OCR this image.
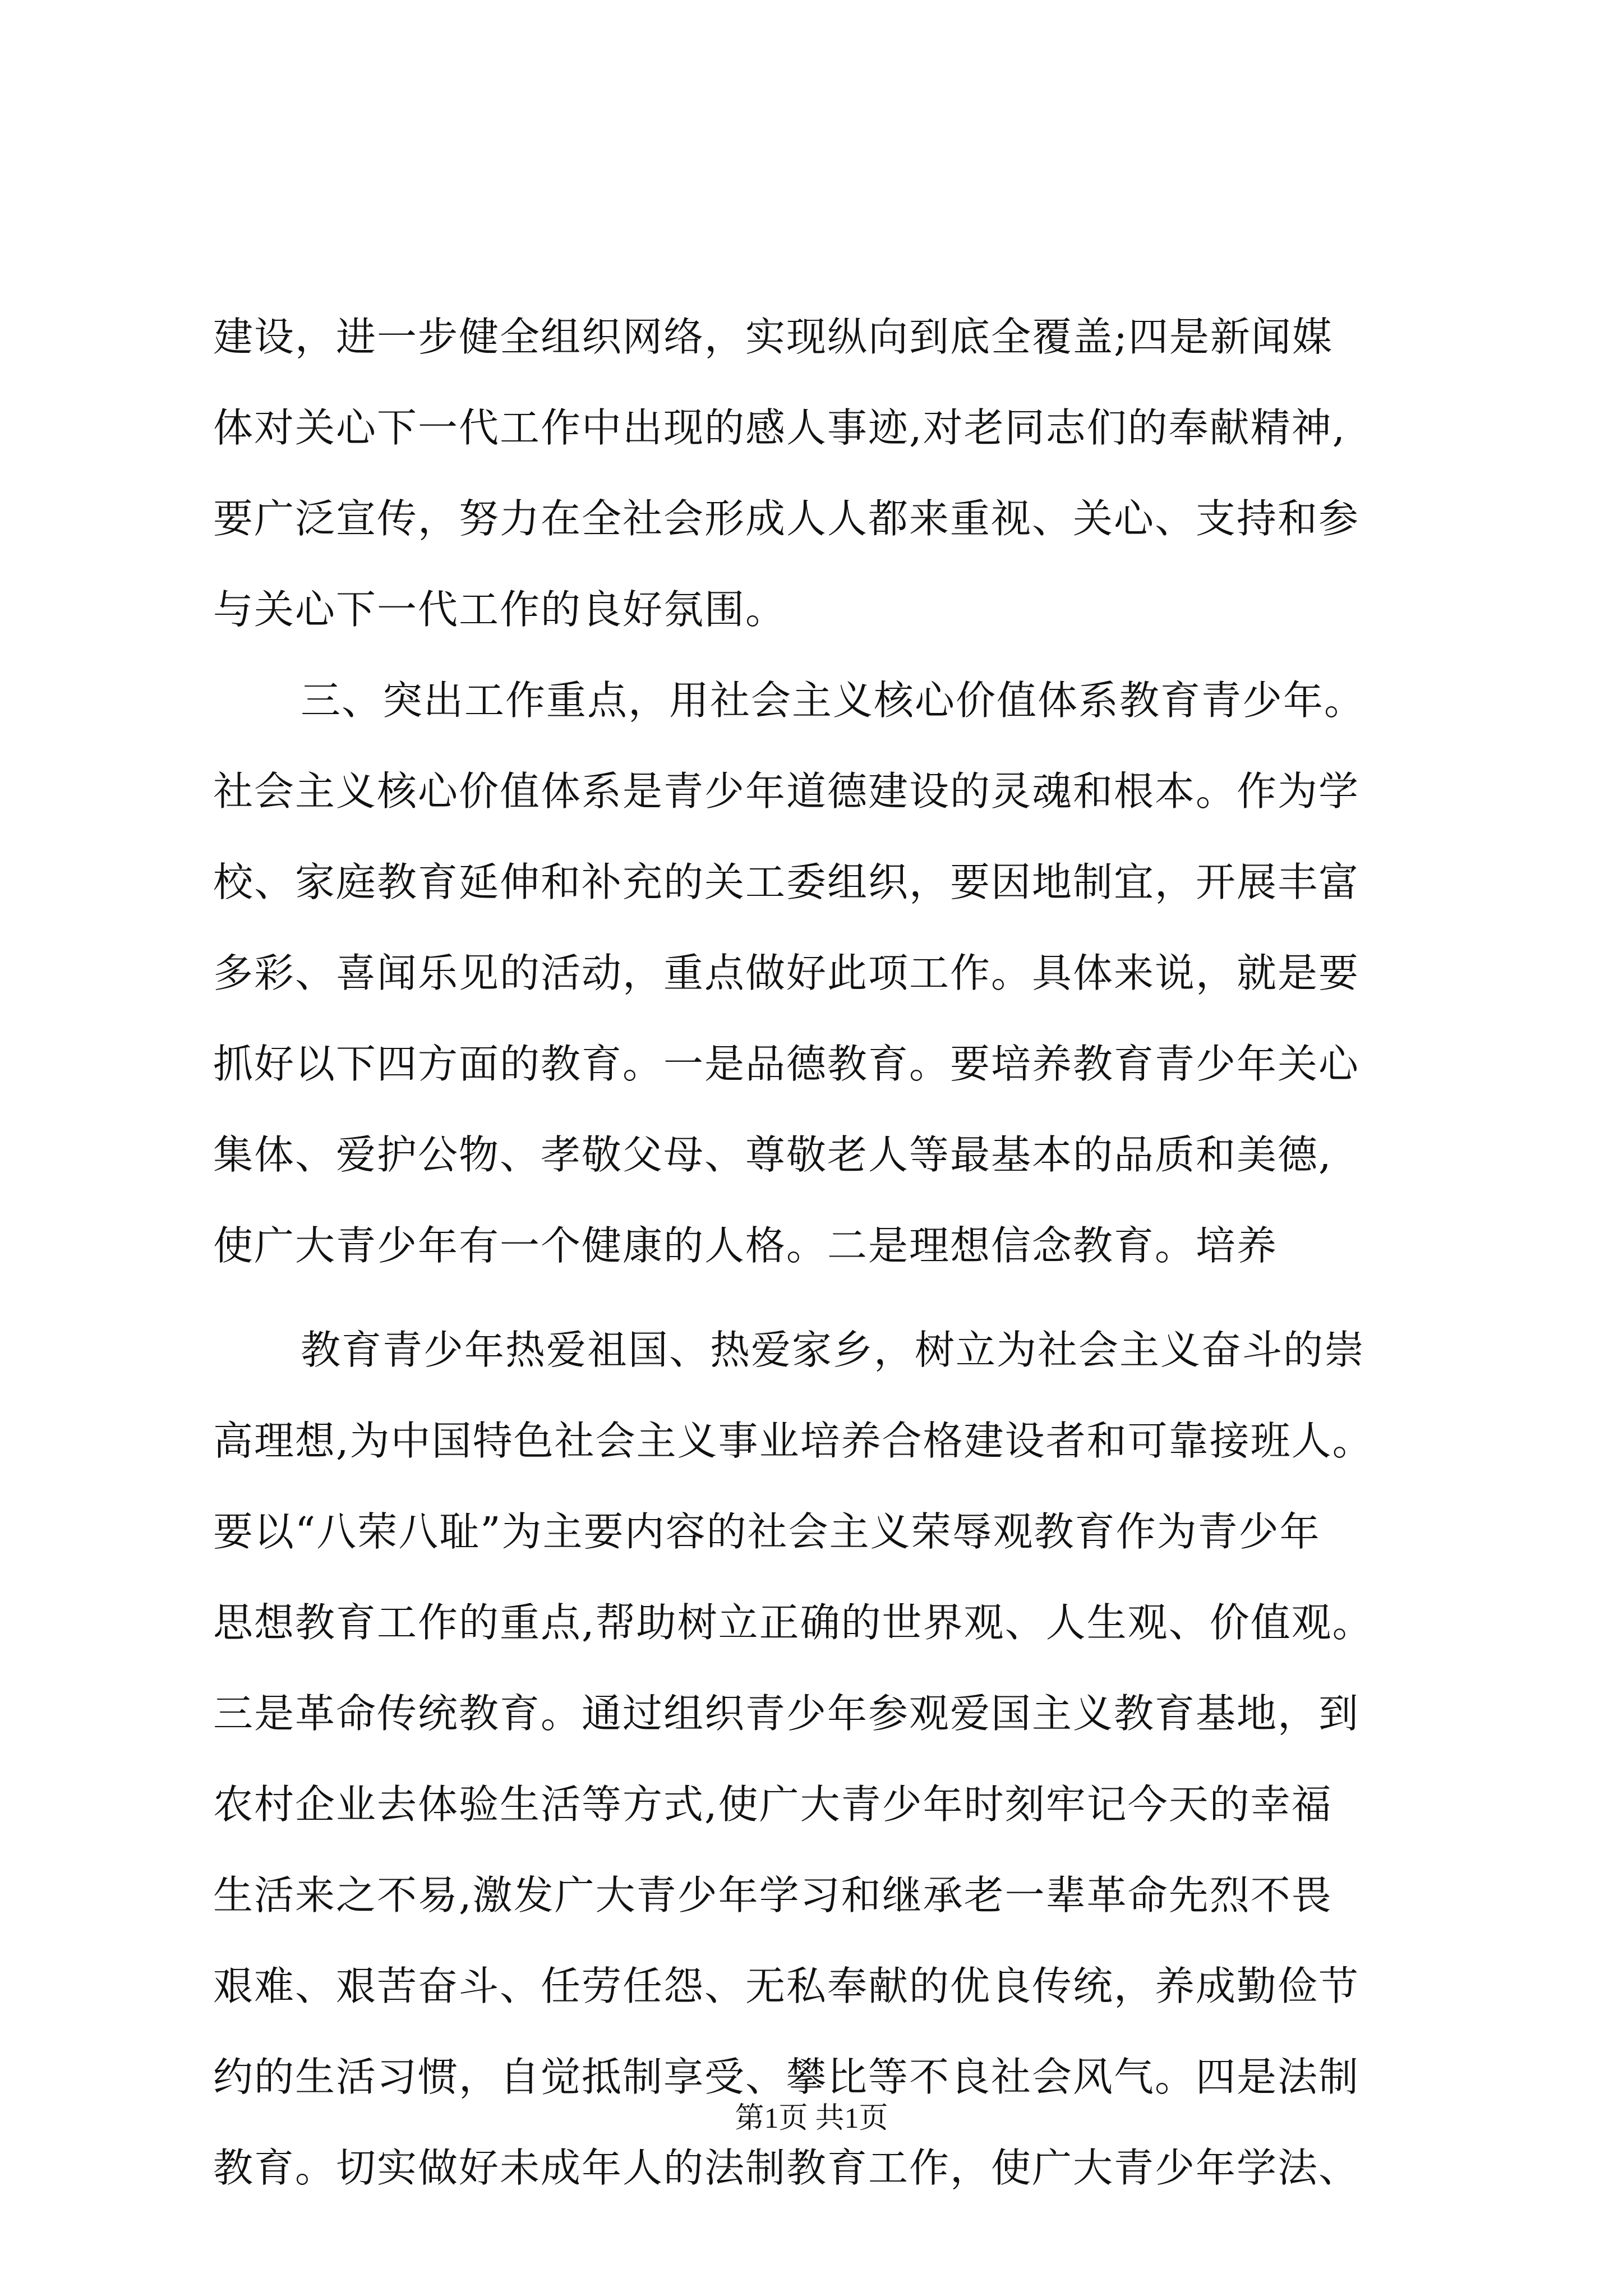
建设，进一步健全组织网络，实现纵向到底全覆盖;四是新闻媒
体对关心下一代工作中出现的感人事迹,对老同志们的奉献精神,
要广泛宣传，努力在全社会形成人人都来重视、关心、支持和参
与关心下一代工作的良好氛围。
三、突出工作重点，用社会主义核心价值体系教育青少年。
社会主义核心价值体系是青少年道德建设的灵魂和根本。作为学
校、家庭教育延伸和补充的关工委组织，要因地制宜，开展丰富
多彩、喜闻乐见的活动，重点做好此项工作。具体来说，就是要
抓好以下四方面的教育。一是品德教育。要培养教育青少年关心
集体、爱护公物、孝敬父母、尊敬老人等最基本的品质和美德,
使广大青少年有一个健康的人格。二是理想信念教育。培养
教育青少年热爱祖国、热爱家乡，树立为社会主义奋斗的崇
高理想,为中国特色社会主义事业培养合格建设者和可靠接班人。
要以“八荣八耻”为主要内容的社会主义荣辱观教育作为青少年
思想教育工作的重点,帮助树立正确的世界观、人生观、价值观。
三是革命传统教育。通过组织青少年参观爱国主义教育基地，到
农村企业去体验生活等方式,使广大青少年时刻牢记今天的幸福
生活来之不易,激发广大青少年学习和继承老一辈革命先烈不畏
艰难、艰苦奋斗、任劳任怨、无私奉献的优良传统，养成勤俭节
约的生活习惯，自觉抵制享受、攀比等不良社会风气。四是法制
教育。切实做好未成年人的法制教育工作，使广大青少年学法、
第1页 共1页
